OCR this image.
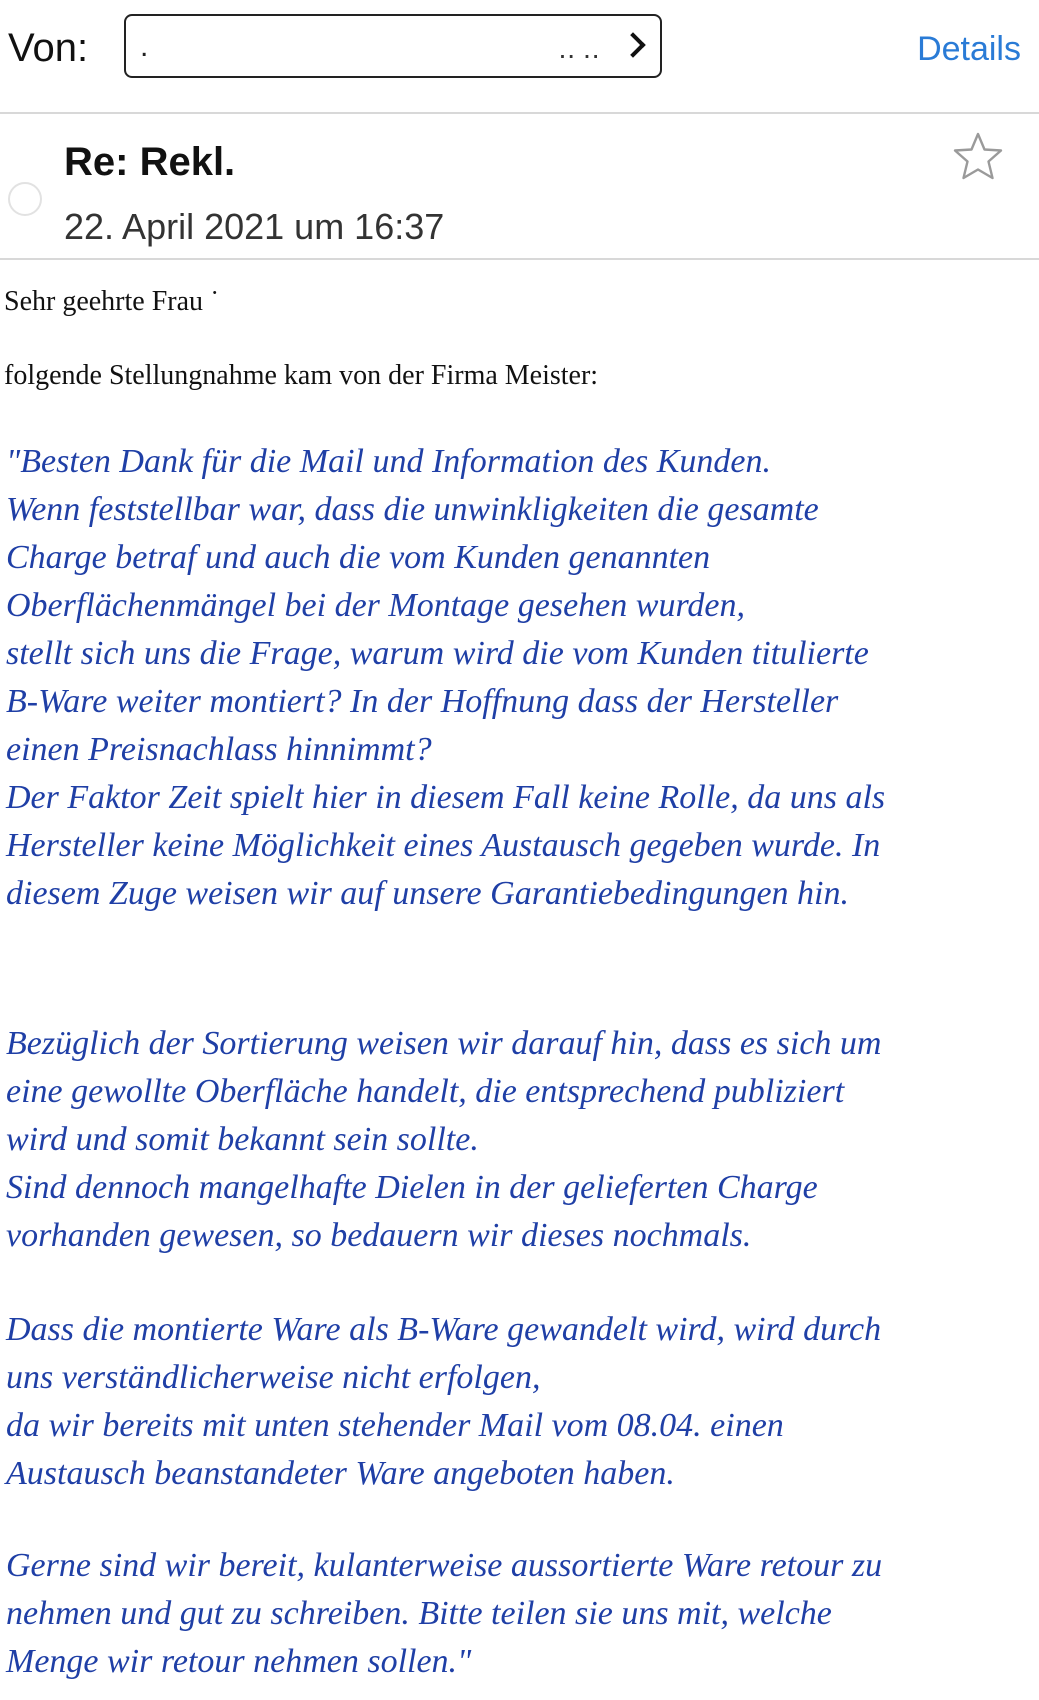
Von: .	‥ ‥	Details
Re: Rekl.
22. April 2021 um 16:37
Sehr geehrte Frau ˙
folgende Stellungnahme kam von der Firma Meister:
"Besten Dank für die Mail und Information des Kunden.
Wenn feststellbar war, dass die unwinkligkeiten die gesamte
Charge betraf und auch die vom Kunden genannten
Oberflächenmängel bei der Montage gesehen wurden,
stellt sich uns die Frage, warum wird die vom Kunden titulierte
B-Ware weiter montiert? In der Hoffnung dass der Hersteller
einen Preisnachlass hinnimmt?
Der Faktor Zeit spielt hier in diesem Fall keine Rolle, da uns als
Hersteller keine Möglichkeit eines Austausch gegeben wurde. In
diesem Zuge weisen wir auf unsere Garantiebedingungen hin.
Bezüglich der Sortierung weisen wir darauf hin, dass es sich um
eine gewollte Oberfläche handelt, die entsprechend publiziert
wird und somit bekannt sein sollte.
Sind dennoch mangelhafte Dielen in der gelieferten Charge
vorhanden gewesen, so bedauern wir dieses nochmals.
Dass die montierte Ware als B-Ware gewandelt wird, wird durch
uns verständlicherweise nicht erfolgen,
da wir bereits mit unten stehender Mail vom 08.04. einen
Austausch beanstandeter Ware angeboten haben.
Gerne sind wir bereit, kulanterweise aussortierte Ware retour zu
nehmen und gut zu schreiben. Bitte teilen sie uns mit, welche
Menge wir retour nehmen sollen."
